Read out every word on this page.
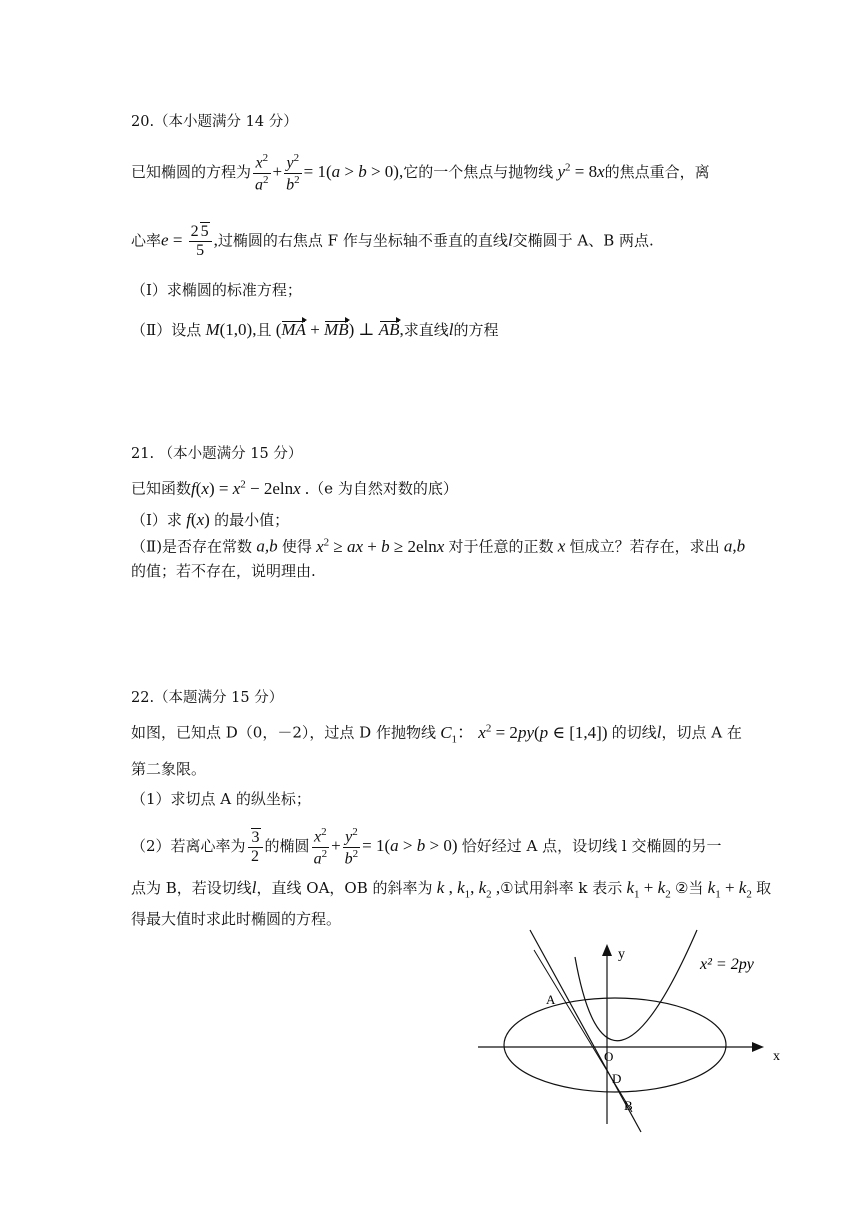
20.（本小题满分 14 分）
已知椭圆的方程为 $\frac{x^2}{a^2} + \frac{y^2}{b^2} = 1(a > b > 0)$,它的一个焦点与抛物线 $y^2 = 8x$的焦点重合，离
心率$e = \frac{2 5}{5}$ ,过椭圆的右焦点 F 作与坐标轴不垂直的直线l交椭圆于 A、B 两点.
（Ⅰ）求椭圆的标准方程；
（Ⅱ）设点 M(1,0),且 (MA + MB) ⊥ AB,求直线l的方程
21. （本小题满分 15 分）
已知函数$f(x) = x^2 - 2elnx$ .（e 为自然对数的底）
（Ⅰ）求 f(x) 的最小值；
（Ⅱ)是否存在常数 a,b 使得 $x^2$ ≥ ax + b ≥ 2elnx 对于任意的正数 x 恒成立？若存在，求出 a,b
的值；若不存在，说明理由.
22.（本题满分 15 分）
如图，已知点 D（0，－2），过点 D 作抛物线 $C_1$： $x^2 = 2py(p$ ∈ [1,4]) 的切线l，切点 A 在
第二象限。
（1）求切点 A 的纵坐标；
（2）若离心率为 $\frac{3}{2}$ 的椭圆 $\frac{x^2}{a^2} + \frac{y^2}{b^2} = 1(a > b > 0)$ 恰好经过 A 点，设切线 l 交椭圆的另一
点为 B，若设切线l，直线 OA，OB 的斜率为 k , $k_1$, $k_2$ ,①试用斜率 k 表示 $k_1 + k_2$ ②当 $k_1 + k_2$ 取
得最大值时求此时椭圆的方程。
y
x
O
A
D
B
x² = 2py
